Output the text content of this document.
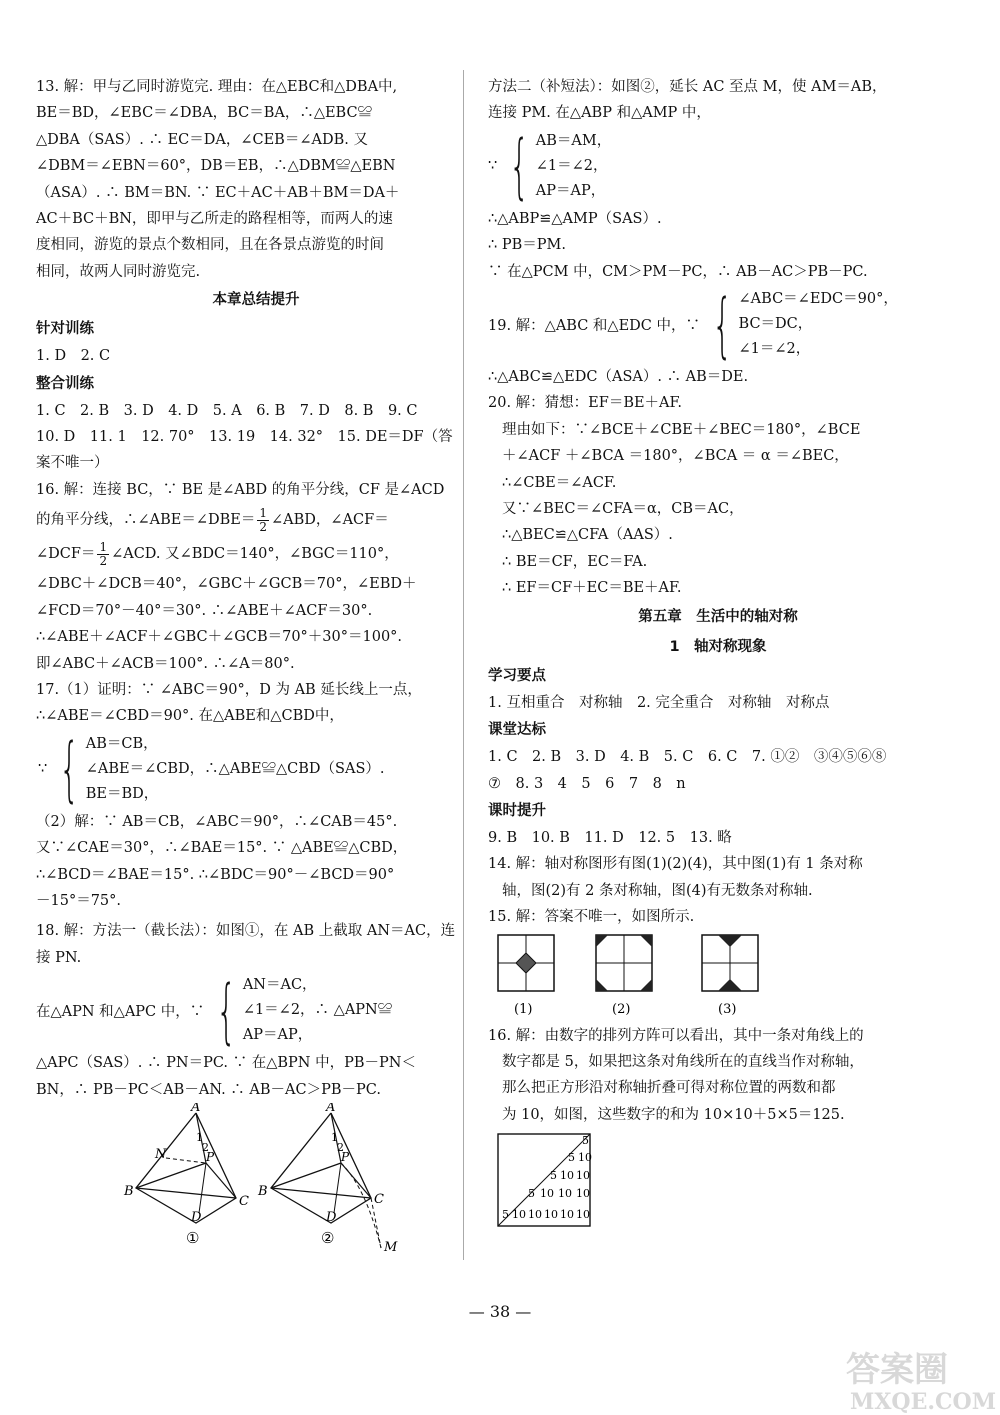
13. 解：甲与乙同时游览完. 理由：在△EBC和△DBA中,
BE＝BD，∠EBC＝∠DBA，BC＝BA，∴△EBC≌
△DBA（SAS）. ∴ EC＝DA，∠CEB＝∠ADB. 又
∠DBM＝∠EBN＝60°，DB＝EB，∴△DBM≌△EBN
（ASA）. ∴ BM＝BN. ∵ EC＋AC＋AB＋BM＝DA＋
AC＋BC＋BN，即甲与乙所走的路程相等，而两人的速
度相同，游览的景点个数相同，且在各景点游览的时间
相同，故两人同时游览完.
本章总结提升
针对训练
1. D　2. C
整合训练
1. C　2. B　3. D　4. D　5. A　6. B　7. D　8. B　9. C
10. D　11. 1　12. 70°　13. 19　14. 32°　15. DE＝DF（答
案不唯一）
16. 解：连接 BC，∵ BE 是∠ABD 的角平分线，CF 是∠ACD
的角平分线，∴∠ABE＝∠DBE＝ $\frac{1}{2}$ ∠ABD，∠ACF＝
∠DCF＝ $\frac{1}{2}$ ∠ACD. 又∠BDC＝140°，∠BGC＝110°，
∠DBC＋∠DCB＝40°，∠GBC＋∠GCB＝70°，∠EBD＋
∠FCD＝70°－40°＝30°. ∴∠ABE＋∠ACF＝30°.
∴∠ABE＋∠ACF＋∠GBC＋∠GCB＝70°＋30°＝100°.
即∠ABC＋∠ACB＝100°. ∴∠A＝80°.
17.（1）证明：∵ ∠ABC＝90°，D 为 AB 延长线上一点，
∴∠ABE＝∠CBD＝90°. 在△ABE和△CBD中，
∵ { AB＝CB，
∠ABE＝∠CBD，∴△ABE≌△CBD（SAS）.
BE＝BD，
（2）解：∵ AB＝CB，∠ABC＝90°，∴∠CAB＝45°.
又∵∠CAE＝30°，∴∠BAE＝15°. ∵ △ABE≌△CBD，
∴∠BCD＝∠BAE＝15°. ∴∠BDC＝90°－∠BCD＝90°
－15°＝75°.
18. 解：方法一（截长法）：如图①，在 AB 上截取 AN＝AC，连
接 PN.
在△APN 和△APC 中，∵ { AN＝AC，
∠1＝∠2，∴ △APN≌
AP＝AP，
△APC（SAS）. ∴ PN＝PC. ∵ 在△BPN 中，PB－PN＜
BN，∴ PB－PC＜AB－AN. ∴ AB－AC＞PB－PC.
A
B
C
N	P
1
2
D
①
A
B
C
P
1
2
D
M
②
方法二（补短法）：如图②，延长 AC 至点 M，使 AM＝AB，
连接 PM. 在△ABP 和△AMP 中，
∵ { AB＝AM，
∠1＝∠2，
AP＝AP，
∴△ABP≌△AMP（SAS）.
∴ PB＝PM.
∵ 在△PCM 中，CM＞PM－PC，∴ AB－AC＞PB－PC.
19. 解：△ABC 和△EDC 中，∵ { ∠ABC＝∠EDC＝90°，
BC＝DC，
∠1＝∠2，
∴△ABC≌△EDC（ASA）. ∴ AB＝DE.
20. 解：猜想：EF＝BE＋AF.
理由如下：∵∠BCE＋∠CBE＋∠BEC＝180°，∠BCE
＋∠ACF ＋∠BCA ＝180°，∠BCA ＝ α ＝∠BEC，
∴∠CBE＝∠ACF.
又∵∠BEC＝∠CFA＝α，CB＝AC，
∴△BEC≌△CFA（AAS）.
∴ BE＝CF，EC＝FA.
∴ EF＝CF＋EC＝BE＋AF.
第五章　生活中的轴对称
1　轴对称现象
学习要点
1. 互相重合　对称轴　2. 完全重合　对称轴　对称点
课堂达标
1. C　2. B　3. D　4. B　5. C　6. C　7. ①②　③④⑤⑥⑧
⑦　8. 3　4　5　6　7　8　n
课时提升
9. B　10. B　11. D　12. 5　13. 略
14. 解：轴对称图形有图(1)(2)(4)，其中图(1)有 1 条对称
轴，图(2)有 2 条对称轴，图(4)有无数条对称轴.
15. 解：答案不唯一，如图所示.
(1)	(2)	(3)
16. 解：由数字的排列方阵可以看出，其中一条对角线上的
数字都是 5，如果把这条对角线所在的直线当作对称轴，
那么把正方形沿对称轴折叠可得对称位置的两数和都
为 10，如图，这些数字的和为 10×10＋5×5＝125.
5
5 10
5 10 10
5 10 10 10
5 10 10 10 10 10
— 38 —
答案圈
MXQE.COM
